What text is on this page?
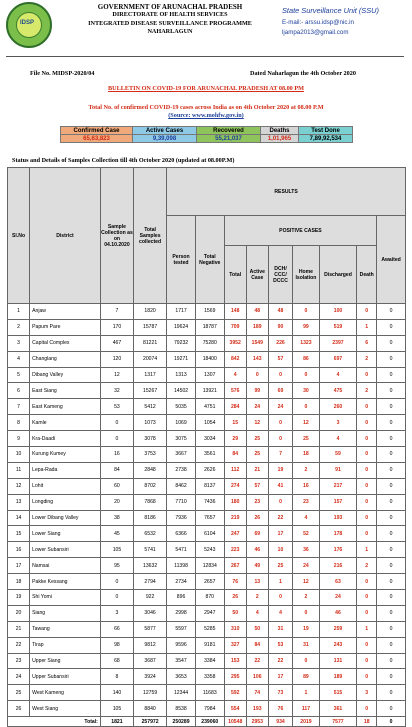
IDSP
GOVERNMENT OF ARUNACHAL PRADESH
DIRECTORATE OF HEALTH SERVICES
INTEGRATED DISEASE SURVEILLANCE PROGRAMME
NAHARLAGUN
State Surveillance Unit (SSU)
E-mail:- arssu.idsp@nic.in
ljampa2013@gmail.com
File No. MIDSP-2020/04	Dated Naharlagun the 4th October 2020
BULLETIN ON COVID-19 FOR ARUNACHAL PRADESH AT 08.00 PM
Total No. of confirmed COVID-19 cases across India as on 4th October 2020 at 08.00 P.M
(Source: www.mohfw.gov.in)
Confirmed Case	Active Cases	Recovered	Deaths	Test Done
65,63,823	9,39,098	55,21,037	1,01,965	7,89,92,534
Status and Details of Samples Collection till 4th October 2020 (updated at 08.00P.M)
Sl.No	District	Sample Collection as on 04.10.2020	Total Samples collected	RESULTS								
				Person tested	Total Negative	POSITIVE CASES						Awaited
						Total	Active Case	DCH/ CCC/ DCCC	Home Isolation	Discharged	Death	
1	Anjaw	7	1820	1717	1569	148	48	48	0	100	0	0
2	Papum Pare	170	15787	19624	18787	709	189	90	99	519	1	0
3	Capital Complex	467	81221	79232	75280	3952	1549	226	1323	2397	6	0
4	Changlang	120	20074	19271	18400	842	143	57	86	697	2	0
5	Dibang Valley	12	1317	1313	1307	4	0	0	0	4	0	0
6	East Siang	32	15267	14502	13921	576	99	69	30	475	2	0
7	East Kameng	53	5412	5035	4751	284	24	24	0	260	0	0
8	Kamle	0	1073	1069	1054	15	12	0	12	3	0	0
9	Kra-Daadi	0	3078	3075	3034	29	25	0	25	4	0	0
10	Kurung Kumey	16	3753	3667	3561	84	25	7	18	59	0	0
11	Lepa-Rada	84	2848	2738	2626	112	21	19	2	91	0	0
12	Lohit	60	8702	8462	8137	274	57	41	16	217	0	0
13	Longding	20	7868	7710	7436	180	23	0	23	157	0	0
14	Lower Dibang Valley	38	8186	7936	7657	219	26	22	4	193	0	0
15	Lower Siang	45	6532	6366	6104	247	69	17	52	178	0	0
16	Lower Subansiri	105	5741	5471	5243	223	46	10	36	176	1	0
17	Namsai	95	13632	11398	12834	267	49	25	24	216	2	0
18	Pakke Kessang	0	2794	2734	2657	76	13	1	12	63	0	0
19	Shi Yomi	0	922	896	870	26	2	0	2	24	0	0
20	Siang	3	3046	2998	2947	50	4	4	0	46	0	0
21	Tawang	66	5877	5597	5285	310	50	31	19	259	1	0
22	Tirap	98	9812	9596	9181	327	84	53	31	243	0	0
23	Upper Siang	68	3687	3547	3384	153	22	22	0	131	0	0
24	Upper Subansiri	8	3924	3653	3358	295	106	17	89	189	0	0
25	West Kameng	140	12759	12344	11683	592	74	73	1	515	3	0
26	West Siang	105	8840	8538	7984	554	193	76	117	361	0	0
Total:		1821	257972	250289	239060	10548	2953	934	2019	7577	18	0
